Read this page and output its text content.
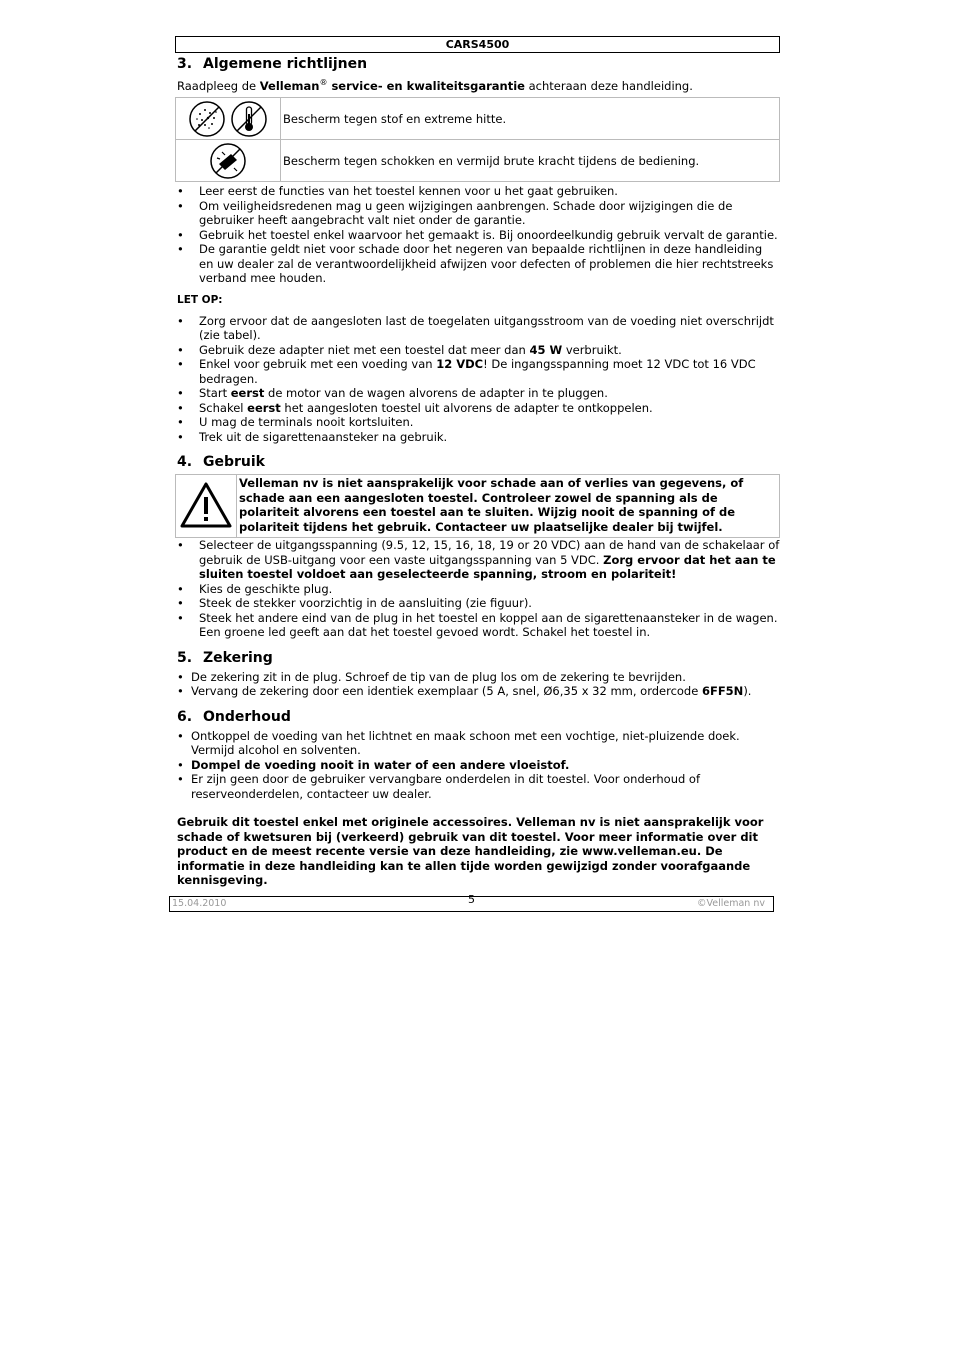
CARS4500
3. Algemene richtlijnen

Raadpleeg de Velleman® service- en kwaliteitsgarantie achteraan deze handleiding.

	Bescherm tegen stof en extreme hitte.
	Bescherm tegen schokken en vermijd brute kracht tijdens de bediening.
• Leer eerst de functies van het toestel kennen voor u het gaat gebruiken.
• Om veiligheidsredenen mag u geen wijzigingen aanbrengen. Schade door wijzigingen die de gebruiker heeft aangebracht valt niet onder de garantie.
• Gebruik het toestel enkel waarvoor het gemaakt is. Bij onoordeelkundig gebruik vervalt de garantie.
• De garantie geldt niet voor schade door het negeren van bepaalde richtlijnen in deze handleiding en uw dealer zal de verantwoordelijkheid afwijzen voor defecten of problemen die hier rechtstreeks verband mee houden.
LET OP:
• Zorg ervoor dat de aangesloten last de toegelaten uitgangsstroom van de voeding niet overschrijdt (zie tabel).
• Gebruik deze adapter niet met een toestel dat meer dan 45 W verbruikt.
• Enkel voor gebruik met een voeding van 12 VDC! De ingangsspanning moet 12 VDC tot 16 VDC bedragen.
• Start eerst de motor van de wagen alvorens de adapter in te pluggen.
• Schakel eerst het aangesloten toestel uit alvorens de adapter te ontkoppelen.
• U mag de terminals nooit kortsluiten.
• Trek uit de sigarettenaansteker na gebruik.
4. Gebruik
	Velleman nv is niet aansprakelijk voor schade aan of verlies van gegevens, of schade aan een aangesloten toestel. Controleer zowel de spanning als de polariteit alvorens een toestel aan te sluiten. Wijzig nooit de spanning of de polariteit tijdens het gebruik. Contacteer uw plaatselijke dealer bij twijfel.
• Selecteer de uitgangsspanning (9.5, 12, 15, 16, 18, 19 or 20 VDC) aan de hand van de schakelaar of gebruik de USB-uitgang voor een vaste uitgangsspanning van 5 VDC. Zorg ervoor dat het aan te sluiten toestel voldoet aan geselecteerde spanning, stroom en polariteit!
• Kies de geschikte plug.
• Steek de stekker voorzichtig in de aansluiting (zie figuur).
• Steek het andere eind van de plug in het toestel en koppel aan de sigarettenaansteker in de wagen. Een groene led geeft aan dat het toestel gevoed wordt. Schakel het toestel in.
5. Zekering
• De zekering zit in de plug. Schroef de tip van de plug los om de zekering te bevrijden.
• Vervang de zekering door een identiek exemplaar (5 A, snel, Ø6,35 x 32 mm, ordercode 6FF5N).
6. Onderhoud
• Ontkoppel de voeding van het lichtnet en maak schoon met een vochtige, niet-pluizende doek. Vermijd alcohol en solventen.
• Dompel de voeding nooit in water of een andere vloeistof.
• Er zijn geen door de gebruiker vervangbare onderdelen in dit toestel. Voor onderhoud of reserveonderdelen, contacteer uw dealer.

Gebruik dit toestel enkel met originele accessoires. Velleman nv is niet aansprakelijk voor schade of kwetsuren bij (verkeerd) gebruik van dit toestel. Voor meer informatie over dit product en de meest recente versie van deze handleiding, zie www.velleman.eu. De informatie in deze handleiding kan te allen tijde worden gewijzigd zonder voorafgaande kennisgeving.

15.04.2010	5	©Velleman nv
